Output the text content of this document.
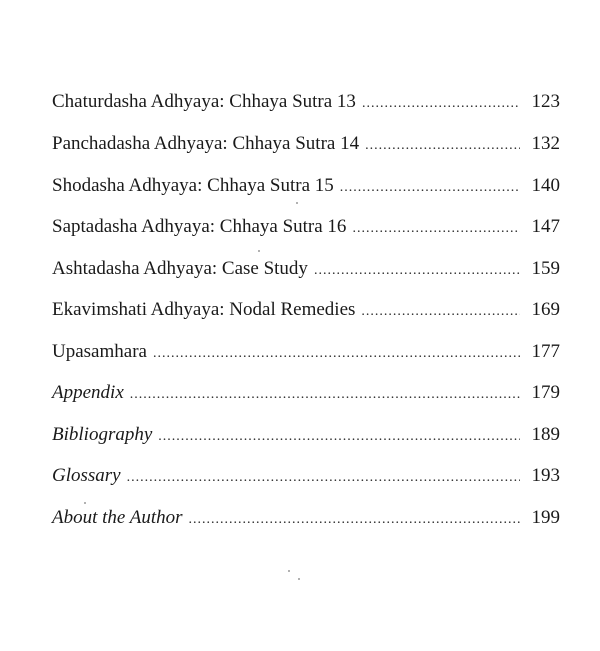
Chaturdasha Adhyaya: Chhaya Sutra 13 .....	123
Panchadasha Adhyaya: Chhaya Sutra 14 .....	132
Shodasha Adhyaya: Chhaya Sutra 15 .....	140
Saptadasha Adhyaya: Chhaya Sutra 16 .....	147
Ashtadasha Adhyaya: Case Study .....	159
Ekavimshati Adhyaya: Nodal Remedies .....	169
Upasamhara .....	177
Appendix .....	179
Bibliography .....	189
Glossary .....	193
About the Author .....	199
